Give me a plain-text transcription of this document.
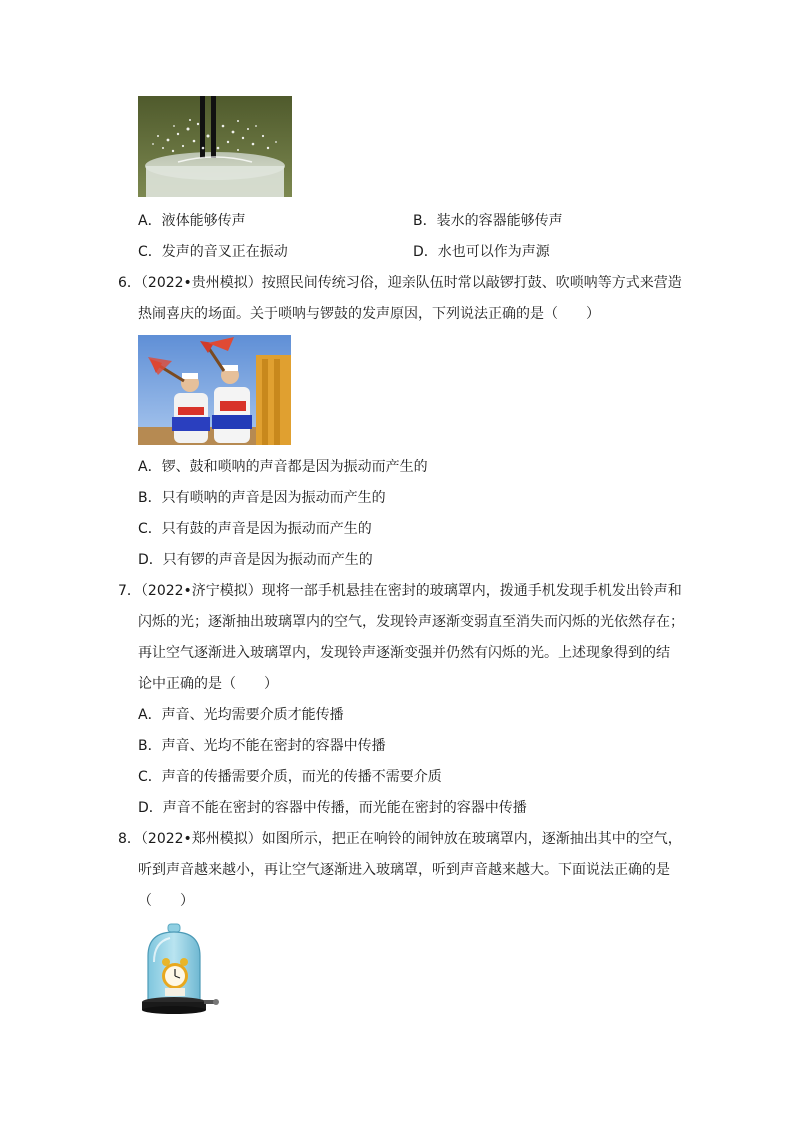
A．液体能够传声	B．装水的容器能够传声
C．发声的音叉正在振动	D．水也可以作为声源
6．（2022•贵州模拟）按照民间传统习俗，迎亲队伍时常以敲锣打鼓、吹唢呐等方式来营造
热闹喜庆的场面。关于唢呐与锣鼓的发声原因，下列说法正确的是（　　）
A．锣、鼓和唢呐的声音都是因为振动而产生的
B．只有唢呐的声音是因为振动而产生的
C．只有鼓的声音是因为振动而产生的
D．只有锣的声音是因为振动而产生的
7．（2022•济宁模拟）现将一部手机悬挂在密封的玻璃罩内，拨通手机发现手机发出铃声和
闪烁的光；逐渐抽出玻璃罩内的空气，发现铃声逐渐变弱直至消失而闪烁的光依然存在；
再让空气逐渐进入玻璃罩内，发现铃声逐渐变强并仍然有闪烁的光。上述现象得到的结
论中正确的是（　　）
A．声音、光均需要介质才能传播
B．声音、光均不能在密封的容器中传播
C．声音的传播需要介质，而光的传播不需要介质
D．声音不能在密封的容器中传播，而光能在密封的容器中传播
8．（2022•郑州模拟）如图所示，把正在响铃的闹钟放在玻璃罩内，逐渐抽出其中的空气，
听到声音越来越小，再让空气逐渐进入玻璃罩，听到声音越来越大。下面说法正确的是
（　　）
